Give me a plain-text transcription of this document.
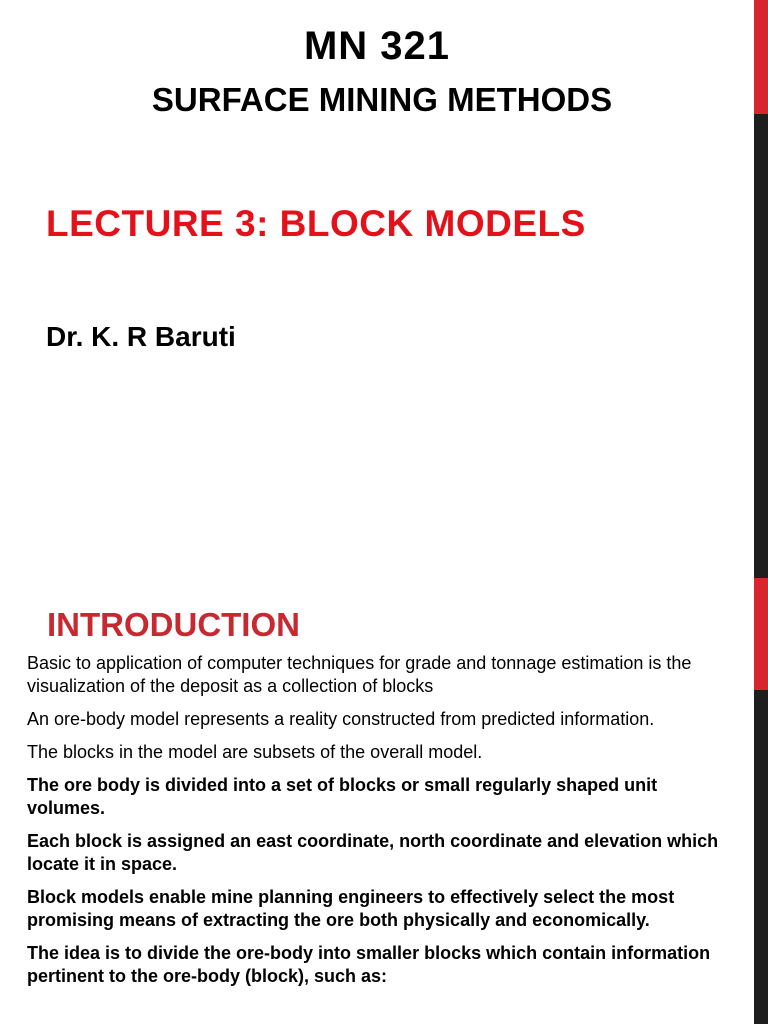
MN 321
SURFACE MINING METHODS
LECTURE 3: BLOCK MODELS
Dr. K. R Baruti
INTRODUCTION

Basic to application of computer techniques for grade and tonnage estimation is the visualization of the deposit as a collection of blocks

An ore-body model represents a reality constructed from predicted information.

The blocks in the model are subsets of the overall model.

The ore body is divided into a set of blocks or small regularly shaped unit volumes.

Each block is assigned an east coordinate, north coordinate and elevation which locate it in space.

Block models enable mine planning engineers to effectively select the most promising means of extracting the ore both physically and economically.

The idea is to divide the ore-body into smaller blocks which contain information pertinent to the ore-body (block), such as:
